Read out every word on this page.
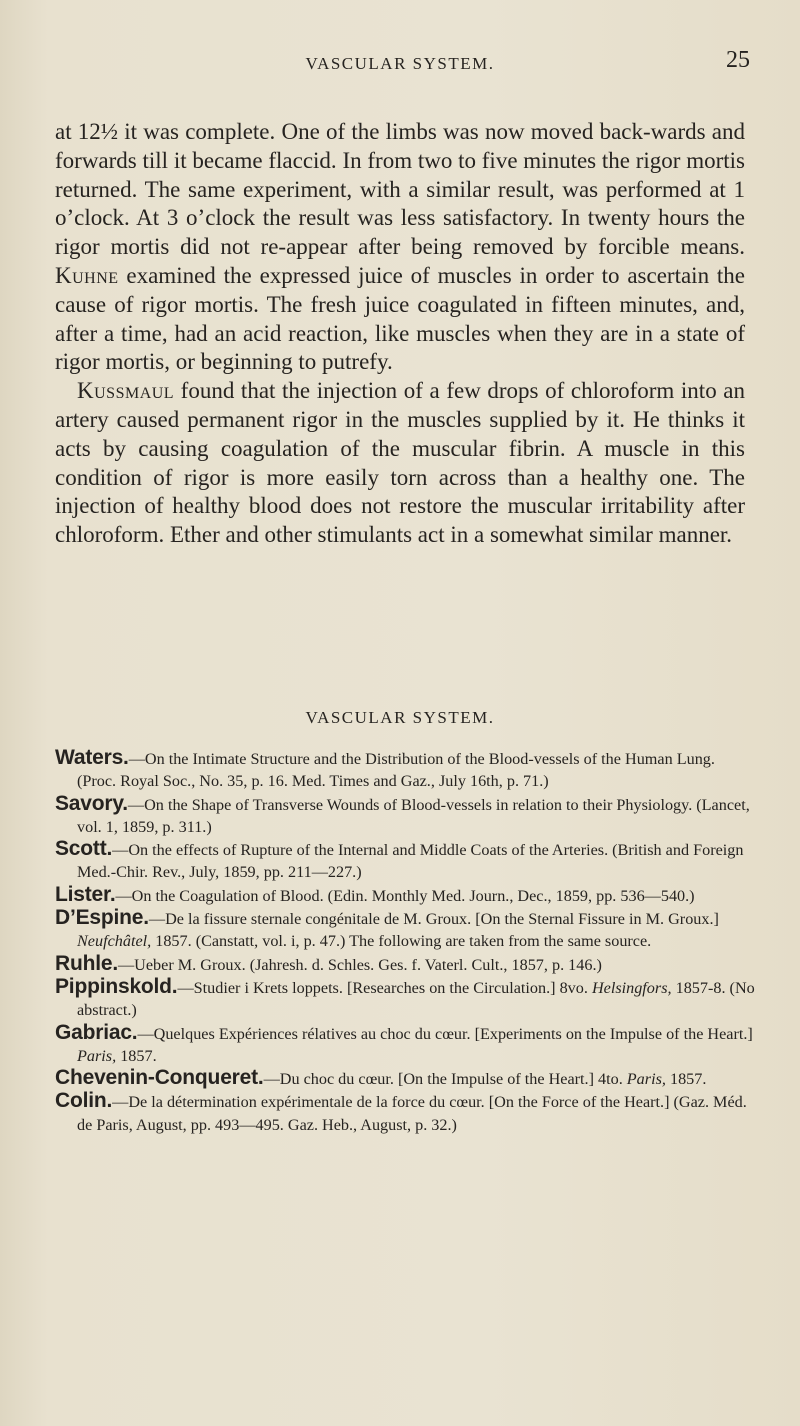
VASCULAR SYSTEM.	25

at 12½ it was complete. One of the limbs was now moved back-wards and forwards till it became flaccid. In from two to five minutes the rigor mortis returned. The same experiment, with a similar result, was performed at 1 o’clock. At 3 o’clock the result was less satisfactory. In twenty hours the rigor mortis did not re-appear after being removed by forcible means. Kuhne examined the expressed juice of muscles in order to ascertain the cause of rigor mortis. The fresh juice coagulated in fifteen minutes, and, after a time, had an acid reaction, like muscles when they are in a state of rigor mortis, or beginning to putrefy.

Kussmaul found that the injection of a few drops of chloroform into an artery caused permanent rigor in the muscles supplied by it. He thinks it acts by causing coagulation of the muscular fibrin. A muscle in this condition of rigor is more easily torn across than a healthy one. The injection of healthy blood does not restore the muscular irritability after chloroform. Ether and other stimulants act in a somewhat similar manner.

VASCULAR SYSTEM.

Waters.—On the Intimate Structure and the Distribution of the Blood-vessels of the Human Lung. (Proc. Royal Soc., No. 35, p. 16. Med. Times and Gaz., July 16th, p. 71.)

Savory.—On the Shape of Transverse Wounds of Blood-vessels in relation to their Physiology. (Lancet, vol. 1, 1859, p. 311.)

Scott.—On the effects of Rupture of the Internal and Middle Coats of the Arteries. (British and Foreign Med.-Chir. Rev., July, 1859, pp. 211—227.)

Lister.—On the Coagulation of Blood. (Edin. Monthly Med. Journ., Dec., 1859, pp. 536—540.)

D’Espine.—De la fissure sternale congénitale de M. Groux. [On the Sternal Fissure in M. Groux.] Neufchâtel, 1857. (Canstatt, vol. i, p. 47.) The following are taken from the same source.

Ruhle.—Ueber M. Groux. (Jahresh. d. Schles. Ges. f. Vaterl. Cult., 1857, p. 146.)

Pippinskold.—Studier i Krets loppets. [Researches on the Circulation.] 8vo. Helsingfors, 1857-8. (No abstract.)

Gabriac.—Quelques Expériences rélatives au choc du cœur. [Experiments on the Impulse of the Heart.] Paris, 1857.

Chevenin-Conqueret.—Du choc du cœur. [On the Impulse of the Heart.] 4to. Paris, 1857.

Colin.—De la détermination expérimentale de la force du cœur. [On the Force of the Heart.] (Gaz. Méd. de Paris, August, pp. 493—495. Gaz. Heb., August, p. 32.)
